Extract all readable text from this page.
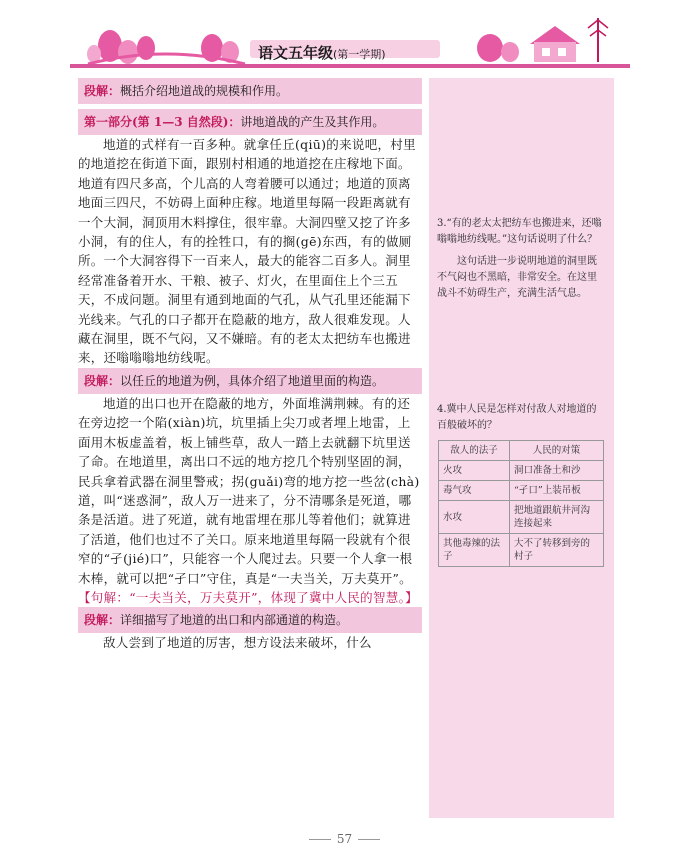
语文五年级(第一学期)
段解：概括介绍地道战的规模和作用。
第一部分(第 1—3 自然段)：讲地道战的产生及其作用。

地道的式样有一百多种。就拿任丘(qiū)的来说吧，村里的地道挖在街道下面，跟别村相通的地道挖在庄稼地下面。地道有四尺多高，个儿高的人弯着腰可以通过；地道的顶离地面三四尺，不妨碍上面种庄稼。地道里每隔一段距离就有一个大洞，洞顶用木料撑住，很牢靠。大洞四壁又挖了许多小洞，有的住人，有的拴牲口，有的搁(gē)东西，有的做厕所。一个大洞容得下一百来人，最大的能容二百多人。洞里经常准备着开水、干粮、被子、灯火，在里面住上个三五天，不成问题。洞里有通到地面的气孔，从气孔里还能漏下光线来。气孔的口子都开在隐蔽的地方，敌人很难发现。人藏在洞里，既不气闷，又不嫌暗。有的老太太把纺车也搬进来，还嗡嗡嗡地纺线呢。

段解：以任丘的地道为例，具体介绍了地道里面的构造。

地道的出口也开在隐蔽的地方，外面堆满荆棘。有的还在旁边挖一个陷(xiàn)坑，坑里插上尖刀或者埋上地雷，上面用木板虚盖着，板上铺些草，敌人一踏上去就翻下坑里送了命。在地道里，离出口不远的地方挖几个特别坚固的洞，民兵拿着武器在洞里警戒；拐(guǎi)弯的地方挖一些岔(chà)道，叫“迷惑洞”，敌人万一进来了，分不清哪条是死道，哪条是活道。进了死道，就有地雷埋在那儿等着他们；就算进了活道，他们也过不了关口。原来地道里每隔一段就有个很窄的“孑(jié)口”，只能容一个人爬过去。只要一个人拿一根木棒，就可以把“孑口”守住，真是“一夫当关，万夫莫开”。【句解：“一夫当关，万夫莫开”，体现了冀中人民的智慧。】

段解：详细描写了地道的出口和内部通道的构造。

敌人尝到了地道的厉害，想方设法来破坏，什么

3.“有的老太太把纺车也搬进来，还嗡嗡嗡地纺线呢。”这句话说明了什么？

这句话进一步说明地道的洞里既不气闷也不黑暗，非常安全。在这里战斗不妨碍生产，充满生活气息。

4.冀中人民是怎样对付敌人对地道的百般破坏的？

敌人的法子	人民的对策
火攻	洞口准备土和沙
毒气攻	“孑口”上装吊板
水攻	把地道跟航井河沟连接起来
其他毒辣的法子	大不了转移到旁的村子
57
